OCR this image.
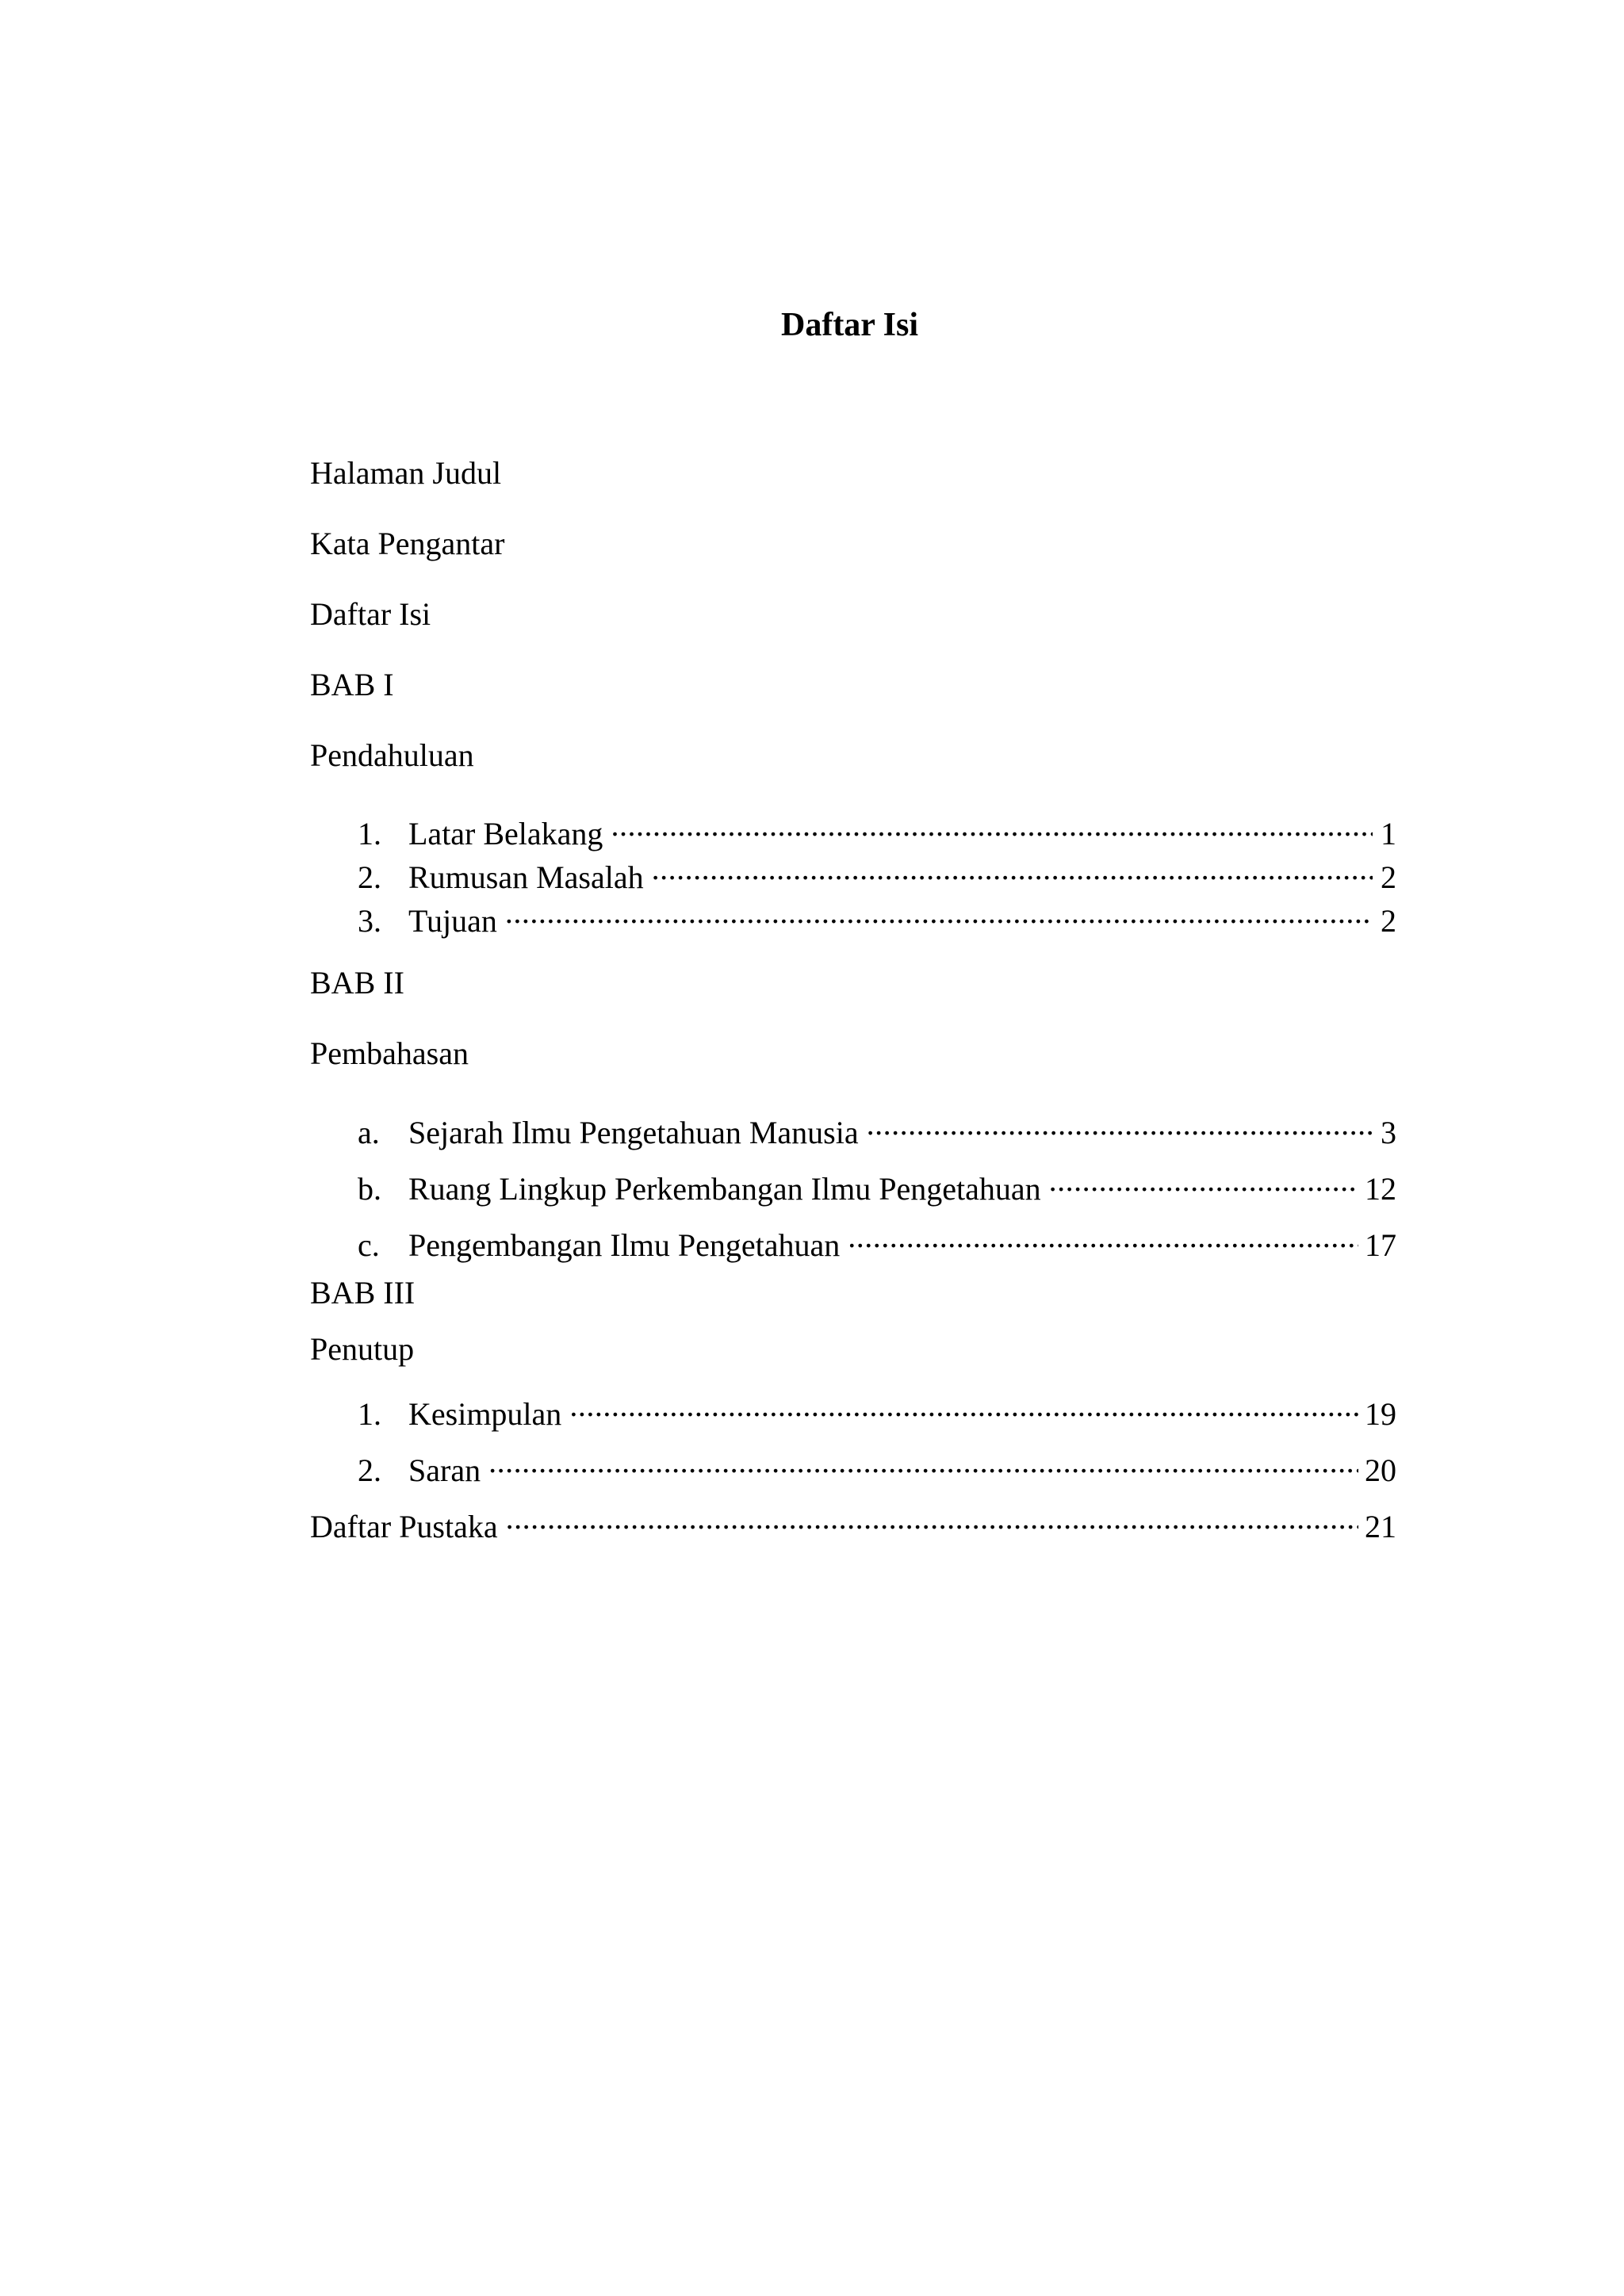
Daftar Isi
Halaman Judul
Kata Pengantar
Daftar Isi
BAB I
Pendahuluan
1. Latar Belakang .....	1
2. Rumusan Masalah .....	2
3. Tujuan .....	2
BAB II
Pembahasan
a. Sejarah Ilmu Pengetahuan Manusia .....	3
b. Ruang Lingkup Perkembangan Ilmu Pengetahuan .....	12
c. Pengembangan Ilmu Pengetahuan .....	17
BAB III
Penutup
1. Kesimpulan .....	19
2. Saran .....	20
Daftar Pustaka .....	21
